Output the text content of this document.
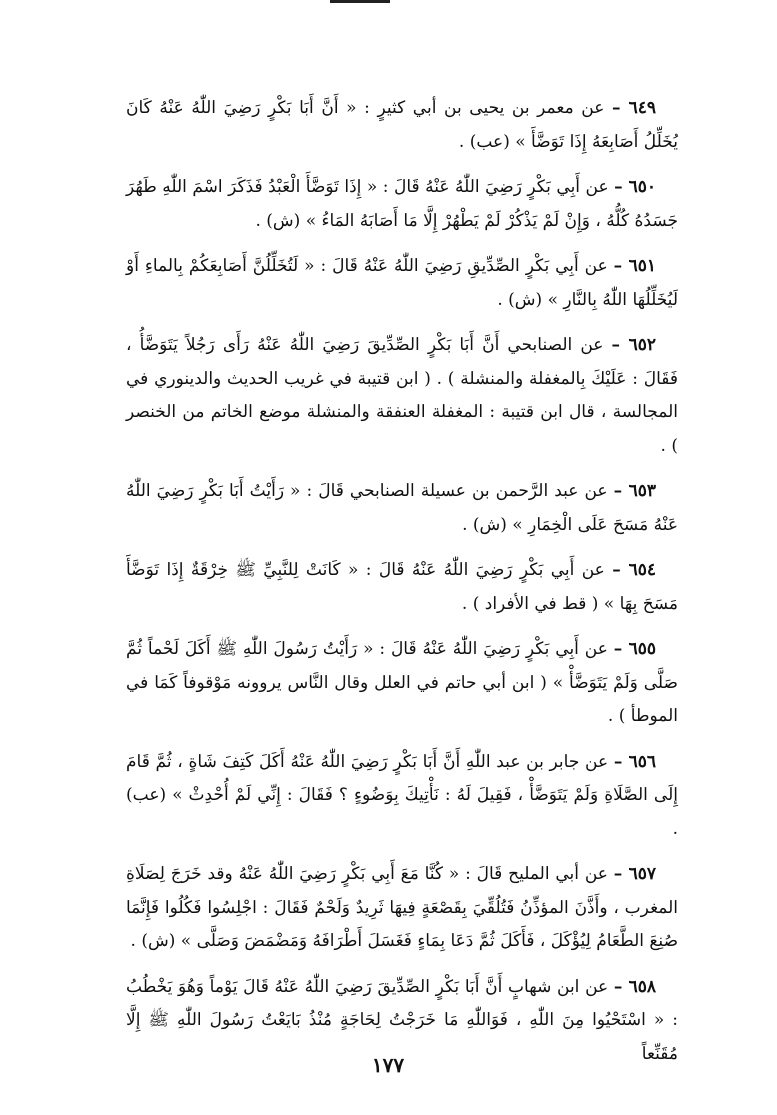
٦٤٩ – عن معمر بن يحيى بن أبي كثيرٍ : « أَنَّ أَبَا بَكْرٍ رَضِيَ اللّٰهُ عَنْهُ كَانَ يُخَلِّلُ أَصَابِعَهُ إِذَا تَوَضَّأَ » (عب) .

٦٥٠ – عن أَبِي بَكْرٍ رَضِيَ اللّٰهُ عَنْهُ قَالَ : « إِذَا تَوَضَّأَ الْعَبْدُ فَذَكَرَ اسْمَ اللّٰهِ طَهُرَ جَسَدُهُ كُلُّهُ ، وَإِنْ لَمْ يَذْكُرْ لَمْ يَطْهُرْ إِلَّا مَا أَصَابَهُ المَاءُ » (ش) .

٦٥١ – عن أَبِي بَكْرٍ الصِّدِّيقِ رَضِيَ اللّٰهُ عَنْهُ قَالَ : « لَتُخَلِّلُنَّ أَصَابِعَكُمْ بِالماءِ أَوْ لَيُخَلِّلُهَا اللّٰهُ بِالنَّارِ » (ش) .

٦٥٢ – عن الصنابحي أَنَّ أَبَا بَكْرٍ الصِّدِّيقَ رَضِيَ اللّٰهُ عَنْهُ رَأَى رَجُلاً يَتَوَضَّأُ ، فَقَالَ : عَلَيْكَ بِالمغفلة والمنشلة ) . ( ابن قتيبة في غريب الحديث والدينوري في المجالسة ، قال ابن قتيبة : المغفلة العنفقة والمنشلة موضع الخاتم من الخنصر ) .

٦٥٣ – عن عبد الرَّحمن بن عسيلة الصنابحي قَالَ : « رَأَيْتُ أَبَا بَكْرٍ رَضِيَ اللّٰهُ عَنْهُ مَسَحَ عَلَى الْخِمَارِ » (ش) .

٦٥٤ – عن أَبِي بَكْرٍ رَضِيَ اللّٰهُ عَنْهُ قَالَ : « كَانَتْ لِلنَّبِيِّ ﷺ خِرْقَةٌ إِذَا تَوَضَّأَ مَسَحَ بِهَا » ( قط في الأفراد ) .

٦٥٥ – عن أَبِي بَكْرٍ رَضِيَ اللّٰهُ عَنْهُ قَالَ : « رَأَيْتُ رَسُولَ اللّٰهِ ﷺ أَكَلَ لَحْماً ثُمَّ صَلَّى وَلَمْ يَتَوَضَّأْ » ( ابن أبي حاتم في العلل وقال النَّاس يروونه مَوْقوفاً كَمَا في الموطأ ) .

٦٥٦ – عن جابر بن عبد اللّٰهِ أَنَّ أَبَا بَكْرٍ رَضِيَ اللّٰهُ عَنْهُ أَكَلَ كَتِفَ شَاةٍ ، ثُمَّ قَامَ إِلَى الصَّلَاةِ وَلَمْ يَتَوَضَّأْ ، فَقِيلَ لَهُ : نَأْتِيكَ بِوَضُوءٍ ؟ فَقَالَ : إِنِّي لَمْ أُحْدِثْ » (عب) .

٦٥٧ – عن أبي المليح قَالَ : « كُنَّا مَعَ أَبِي بَكْرٍ رَضِيَ اللّٰهُ عَنْهُ وقد خَرَجَ لِصَلَاةِ المغرب ، وأَذَّنَ المؤذِّنُ فَتُلُقِّيَ بِقَصْعَةٍ فِيهَا ثَرِيدٌ وَلَحْمٌ فَقَالَ : اجْلِسُوا فَكُلُوا فَإِنَّمَا صُنِعَ الطَّعَامُ لِيُؤْكَلَ ، فَأَكَلَ ثُمَّ دَعَا بِمَاءٍ فَغَسَلَ أَطْرَافَهُ وَمَضْمَضَ وَصَلَّى » (ش) .

٦٥٨ – عن ابن شهابٍ أَنَّ أَبَا بَكْرٍ الصِّدِّيقَ رَضِيَ اللّٰهُ عَنْهُ قَالَ يَوْماً وَهُوَ يَخْطُبُ : « اسْتَحْيُوا مِنَ اللّٰهِ ، فَوَاللّٰهِ مَا خَرَجْتُ لِحَاجَةٍ مُنْذُ بَايَعْتُ رَسُولَ اللّٰهِ ﷺ إِلَّا مُقَنِّعاً

١٧٧
